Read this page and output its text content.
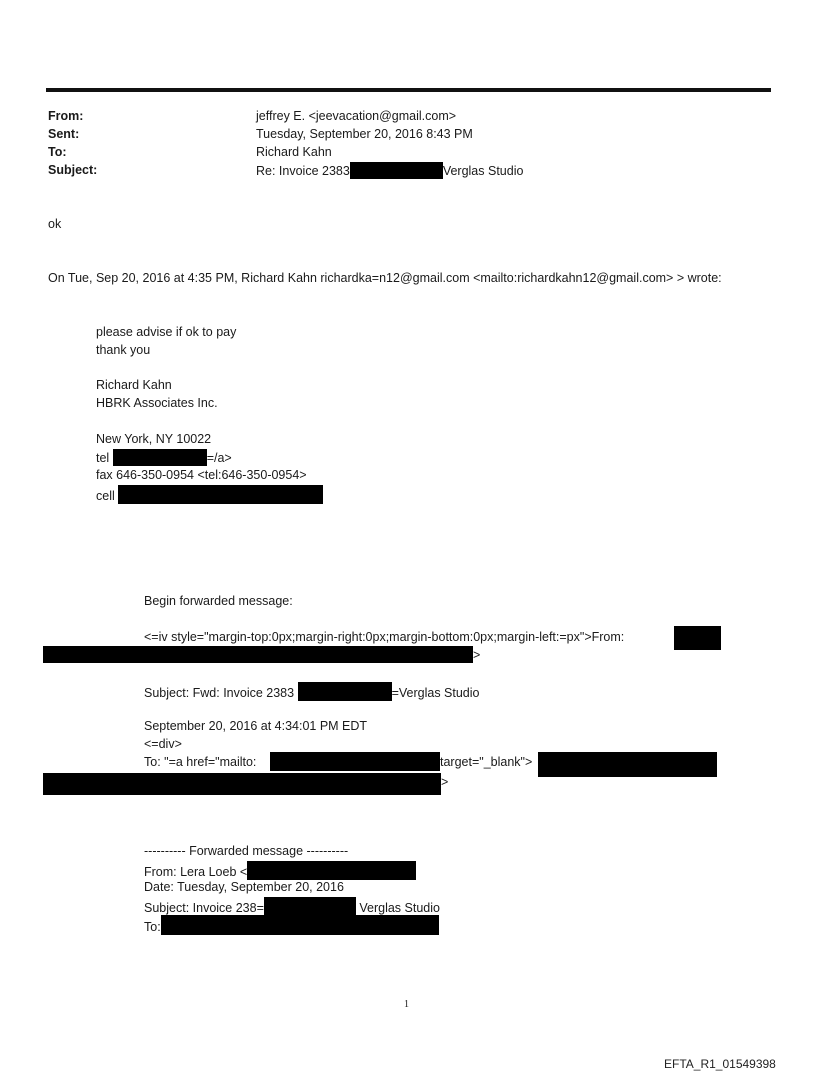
From:	jeffrey E. <jeevacation@gmail.com>
Sent:	Tuesday, September 20, 2016 8:43 PM
To:	Richard Kahn
Subject:	Re: Invoice 2383	Verglas Studio
ok
On Tue, Sep 20, 2016 at 4:35 PM, Richard Kahn richardka=n12@gmail.com <mailto:richardkahn12@gmail.com> > wrote:
please advise if ok to pay
thank you
Richard Kahn
HBRK Associates Inc.
New York, NY 10022
tel	=/a>
fax 646-350-0954 <tel:646-350-0954>
cell
Begin forwarded message:
<=iv style="margin-top:0px;margin-right:0px;margin-bottom:0px;margin-left:=px">From:
>
Subject: Fwd: Invoice 2383	=Verglas Studio
September 20, 2016 at 4:34:01 PM EDT
<=div>
To: "=a href="mailto:	target="_blank">
>
---------- Forwarded message ----------
From: Lera Loeb <
Date: Tuesday, September 20, 2016
Subject: Invoice 238=	Verglas Studio
To:
1
EFTA_R1_01549398
